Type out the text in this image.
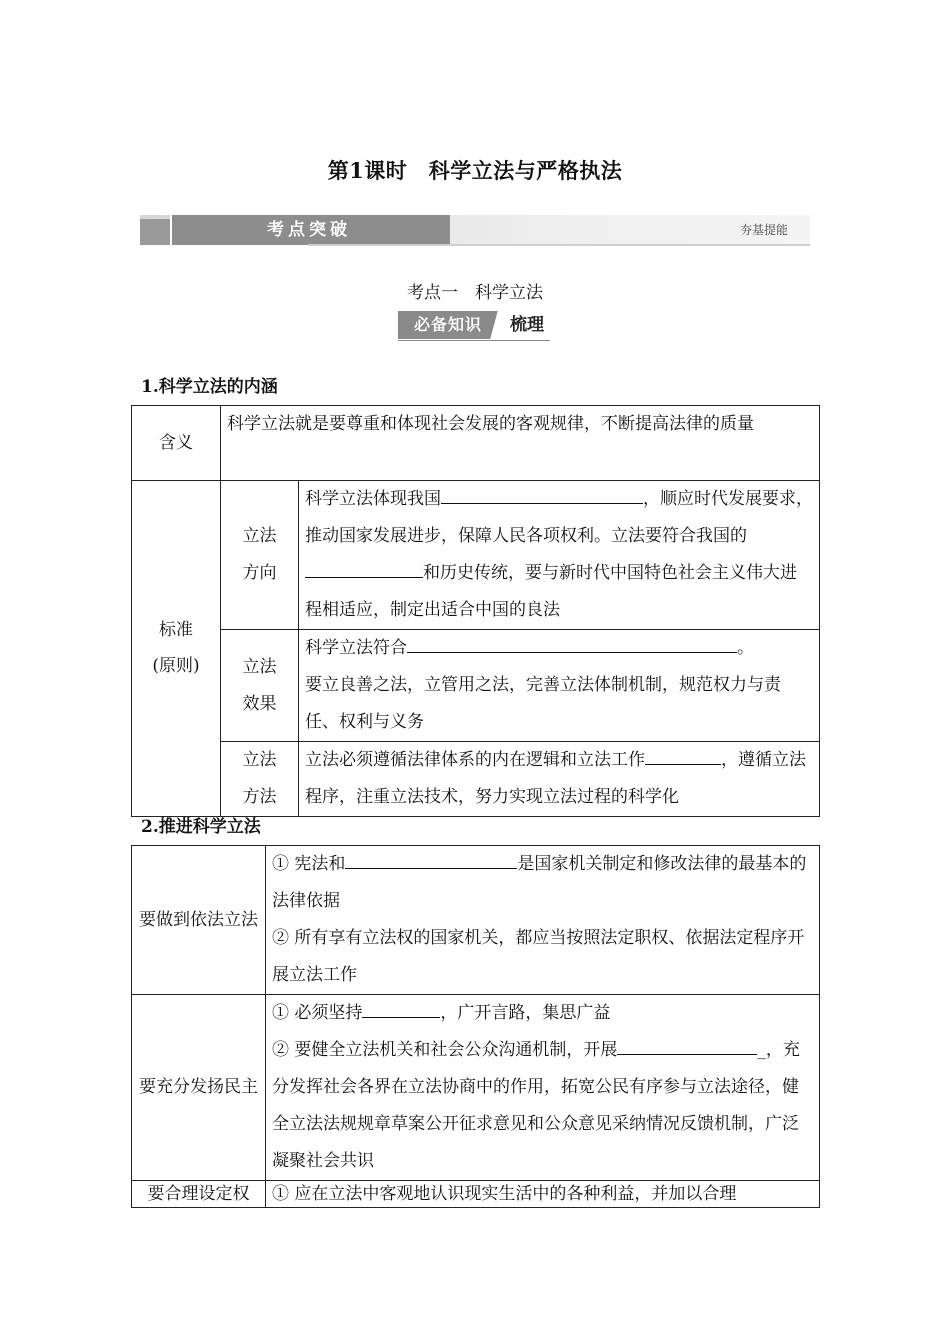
第1课时　科学立法与严格执法
考点突破	夯基提能
考点一　科学立法
必备知识	梳理
1.科学立法的内涵
含义	科学立法就是要尊重和体现社会发展的客观规律，不断提高法律的质量	
标准(原则)	立法方向	科学立法体现我国 ，顺应时代发展要求，推动国家发展进步，保障人民各项权利。立法要符合我国的和历史传统，要与新时代中国特色社会主义伟大进程相适应，制定出适合中国的良法
	立法效果	科学立法符合 。
要立良善之法，立管用之法，完善立法体制机制，规范权力与责任、权利与义务
	立法方法	立法必须遵循法律体系的内在逻辑和立法工作 ，遵循立法程序，注重立法技术，努力实现立法过程的科学化
2.推进科学立法
要做到依法立法	① 宪法和 是国家机关制定和修改法律的最基本的法律依据
② 所有享有立法权的国家机关，都应当按照法定职权、依据法定程序开展立法工作
要充分发扬民主	① 必须坚持 ，广开言路，集思广益
② 要健全立法机关和社会公众沟通机制，开展 _，充分发挥社会各界在立法协商中的作用，拓宽公民有序参与立法途径，健全立法法规规章草案公开征求意见和公众意见采纳情况反馈机制，广泛凝聚社会共识
要合理设定权	① 应在立法中客观地认识现实生活中的各种利益，并加以合理
